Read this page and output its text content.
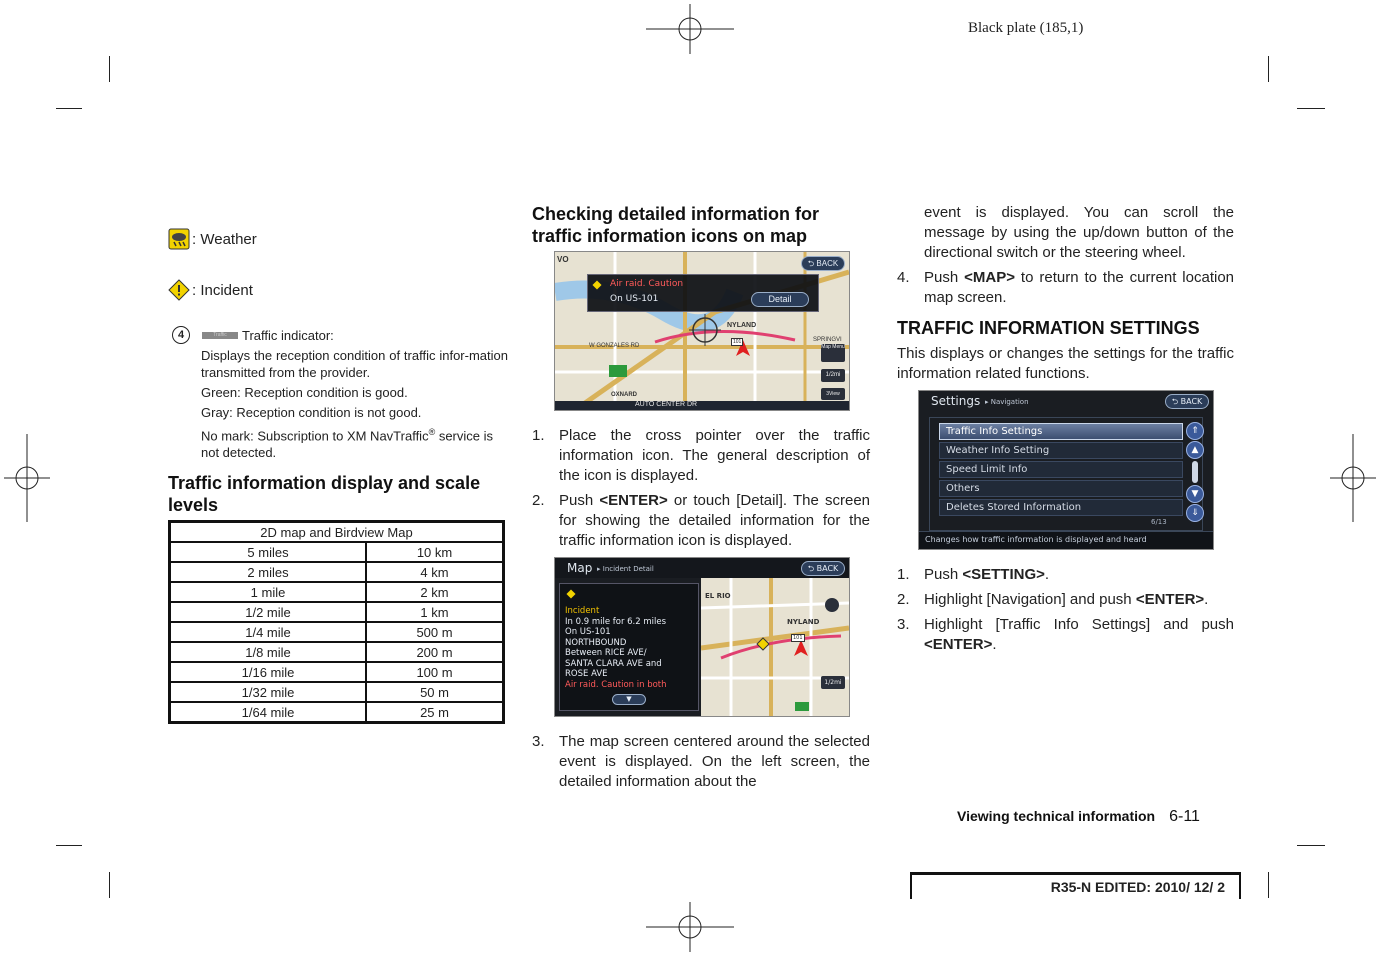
Black plate (185,1)
: Weather
: Incident
4	Traffic	Traffic indicator:

Displays the reception condition of traffic infor-mation transmitted from the provider.

Green: Reception condition is good.

Gray: Reception condition is not good.

No mark: Subscription to XM NavTraffic® service is not detected.

Traffic information display and scale levels
2D map and Birdview Map	
5 miles	10 km
2 miles	4 km
1 mile	2 km
1/2 mile	1 km
1/4 mile	500 m
1/8 mile	200 m
1/16 mile	100 m
1/32 mile	50 m
1/64 mile	25 m
Checking detailed information for traffic information icons on map
Air raid. Caution
On US-101	Detail
⮌ BACK
VO
NYLAND
W GONZALES RD
SPRINGVI
OXNARD
AUTO CENTER DR
101
Map Menu
1/2mi
3View
1. Place the cross pointer over the traffic information icon. The general description of the icon is displayed.
2. Push <ENTER> or touch [Detail]. The screen for showing the detailed information for the traffic information icon is displayed.
Map ▸ Incident Detail	⮌ BACK
Incident
In 0.9 mile for 6.2 miles
On US-101
NORTHBOUND
Between RICE AVE/
SANTA CLARA AVE and
ROSE AVE
Air raid. Caution in both
▼
EL RIO
NYLAND
101
1/2mi
3. The map screen centered around the selected event is displayed. On the left screen, the detailed information about the
event is displayed. You can scroll the message by using the up/down button of the directional switch or the steering wheel.
4. Push <MAP> to return to the current location map screen.
TRAFFIC INFORMATION SETTINGS
This displays or changes the settings for the traffic information related functions.
Settings ▸ Navigation	⮌ BACK
Traffic Info Settings
Weather Info Setting
Speed Limit Info
Others
Deletes Stored Information
⇑
▲
▼
⇓
6/13
Changes how traffic information is displayed and heard
1. Push <SETTING>.
2. Highlight [Navigation] and push <ENTER>.
3. Highlight [Traffic Info Settings] and push <ENTER>.
Viewing technical information 6-11
R35-N EDITED: 2010/ 12/ 2
